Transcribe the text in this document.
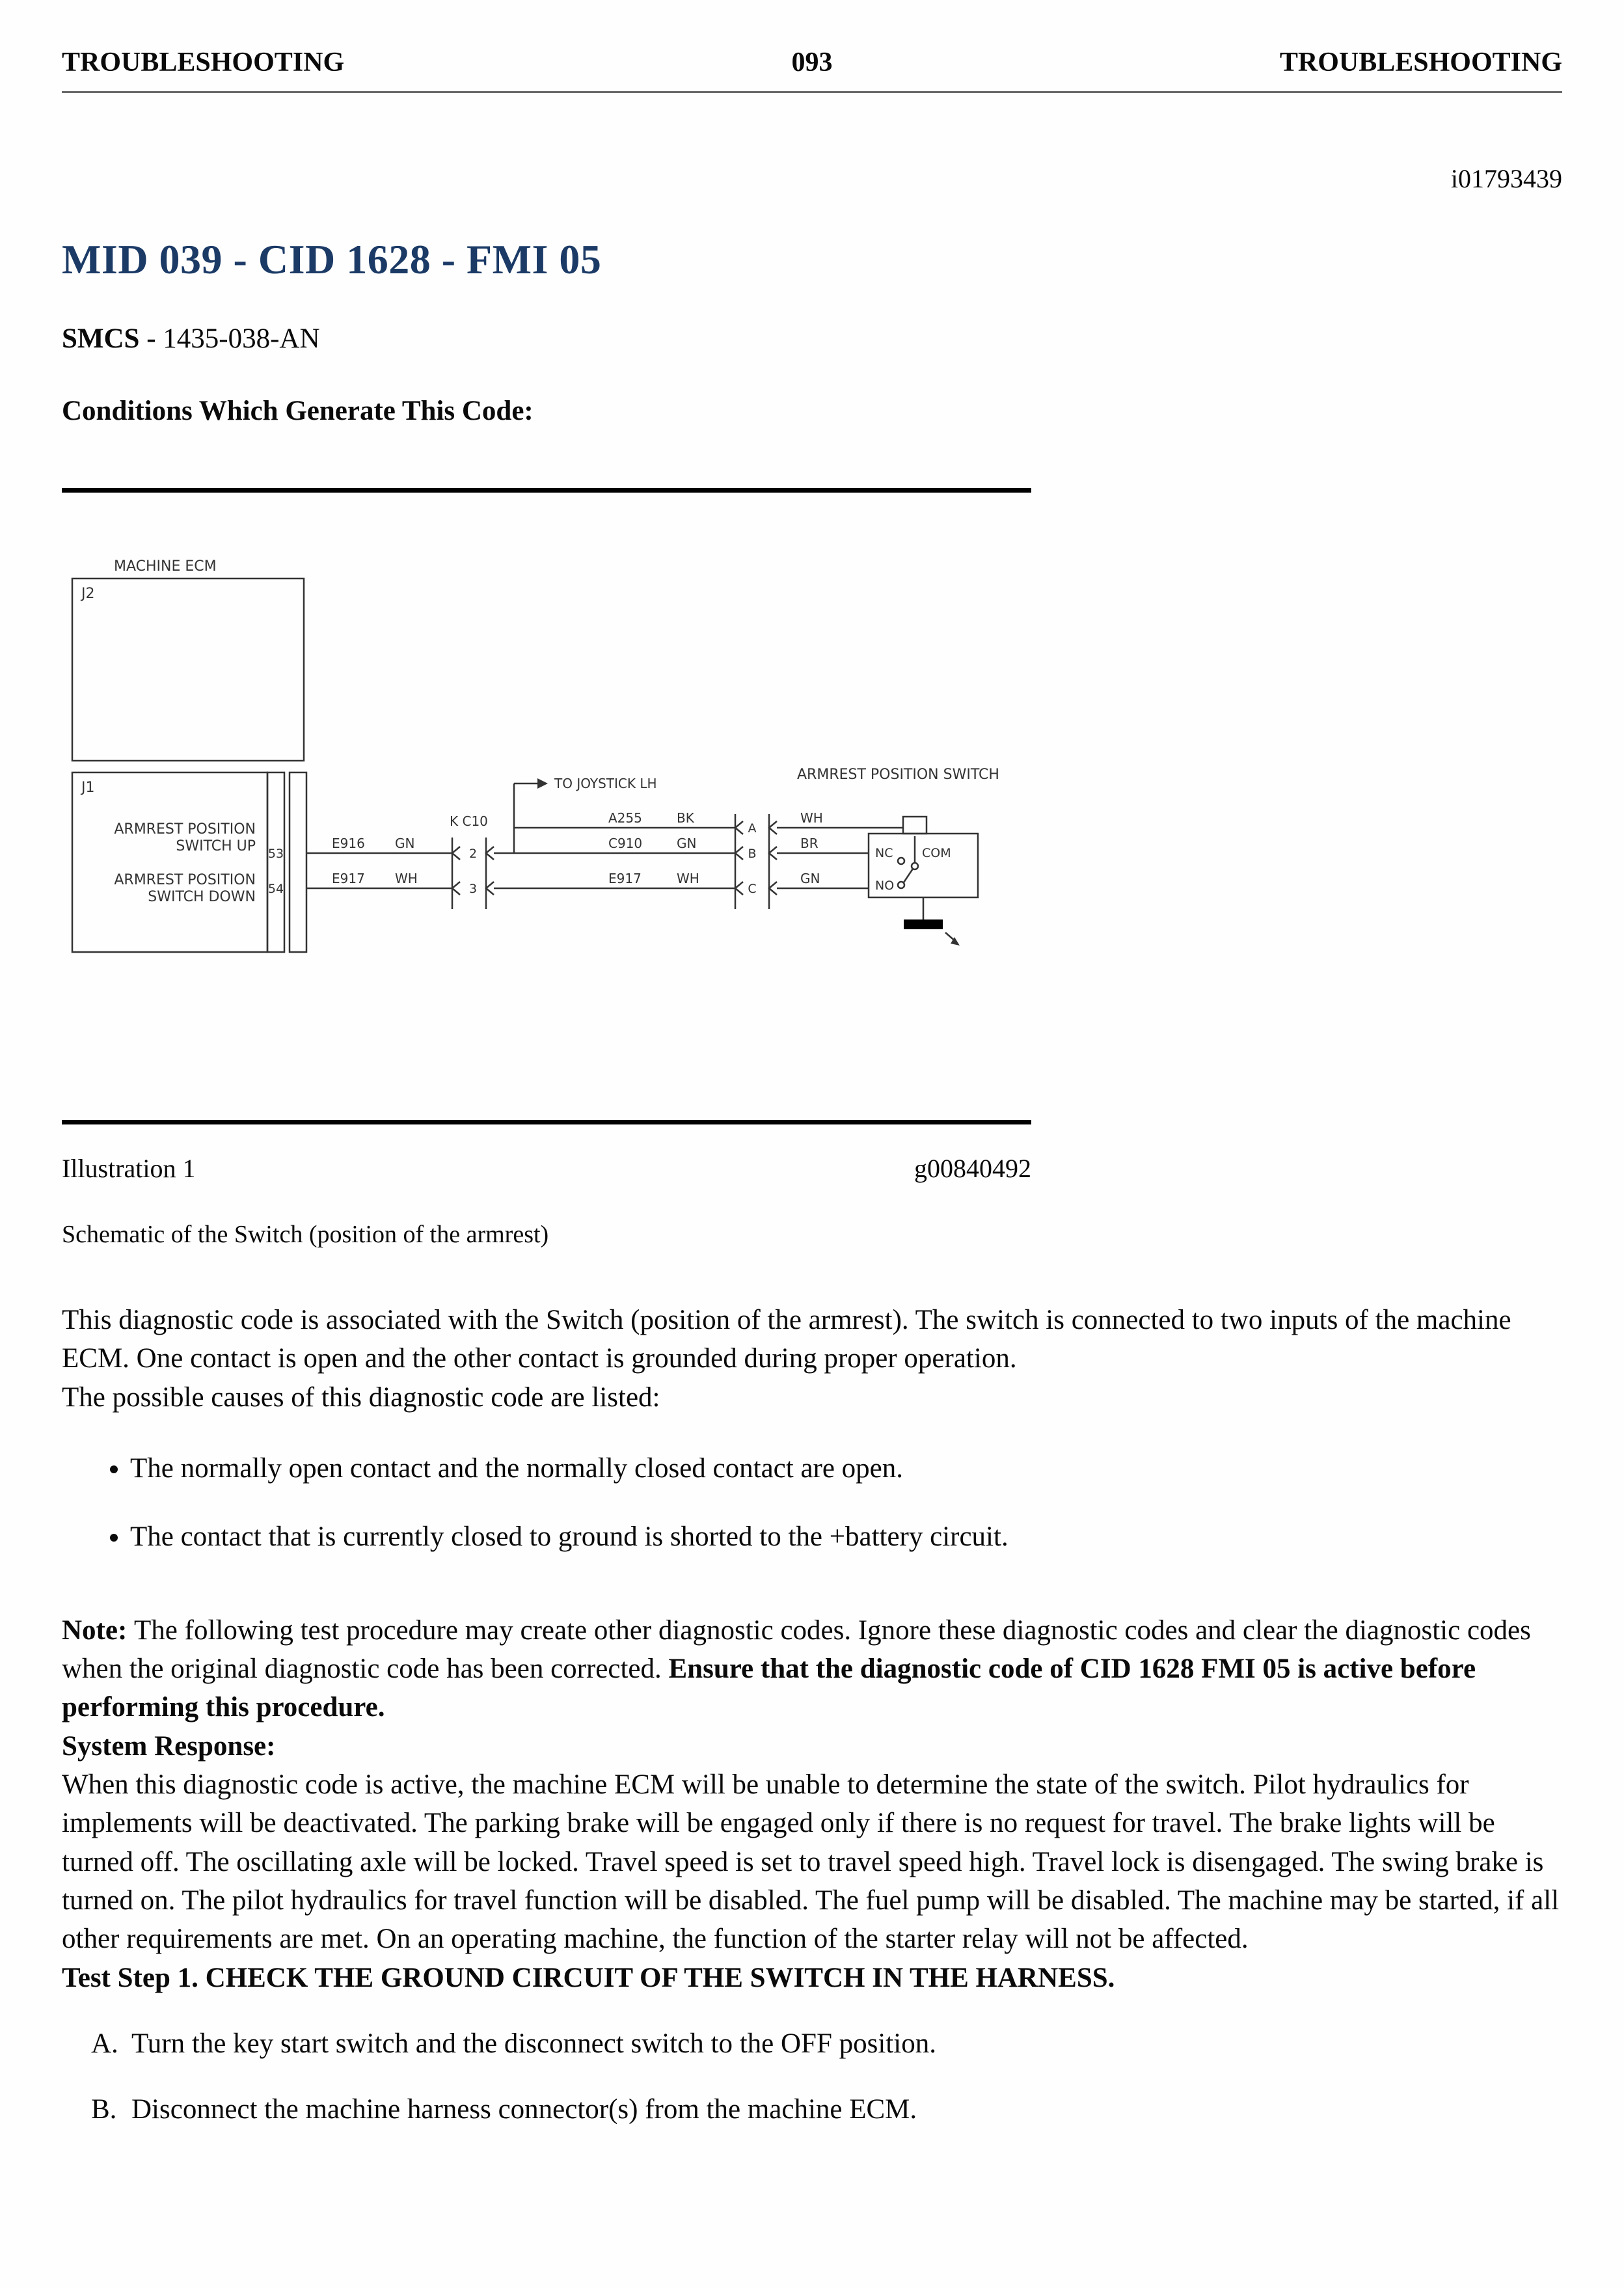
TROUBLESHOOTING	093	TROUBLESHOOTING
i01793439
MID 039 - CID 1628 - FMI 05
SMCS - 1435-038-AN
Conditions Which Generate This Code:
MACHINE ECM
J2
J1
ARMREST POSITION
SWITCH UP
ARMREST POSITION
SWITCH DOWN
53
54
E916 GN
E917 WH
K C10
2
3
TO JOYSTICK LH
A255	BK
C910	GN
E917	WH
A
B
C
WH
BR
GN
ARMREST POSITION SWITCH
NC COM
NO
Illustration 1	g00840492
Schematic of the Switch (position of the armrest)

This diagnostic code is associated with the Switch (position of the armrest). The switch is connected to two inputs of the machine ECM. One contact is open and the other contact is grounded during proper operation.

The possible causes of this diagnostic code are listed:

• The normally open contact and the normally closed contact are open.
• The contact that is currently closed to ground is shorted to the +battery circuit.

Note: The following test procedure may create other diagnostic codes. Ignore these diagnostic codes and clear the diagnostic codes when the original diagnostic code has been corrected. Ensure that the diagnostic code of CID 1628 FMI 05 is active before performing this procedure.

System Response:

When this diagnostic code is active, the machine ECM will be unable to determine the state of the switch. Pilot hydraulics for implements will be deactivated. The parking brake will be engaged only if there is no request for travel. The brake lights will be turned off. The oscillating axle will be locked. Travel speed is set to travel speed high. Travel lock is disengaged. The swing brake is turned on. The pilot hydraulics for travel function will be disabled. The fuel pump will be disabled. The machine may be started, if all other requirements are met. On an operating machine, the function of the starter relay will not be affected.

Test Step 1. CHECK THE GROUND CIRCUIT OF THE SWITCH IN THE HARNESS.

A. Turn the key start switch and the disconnect switch to the OFF position.
B. Disconnect the machine harness connector(s) from the machine ECM.
